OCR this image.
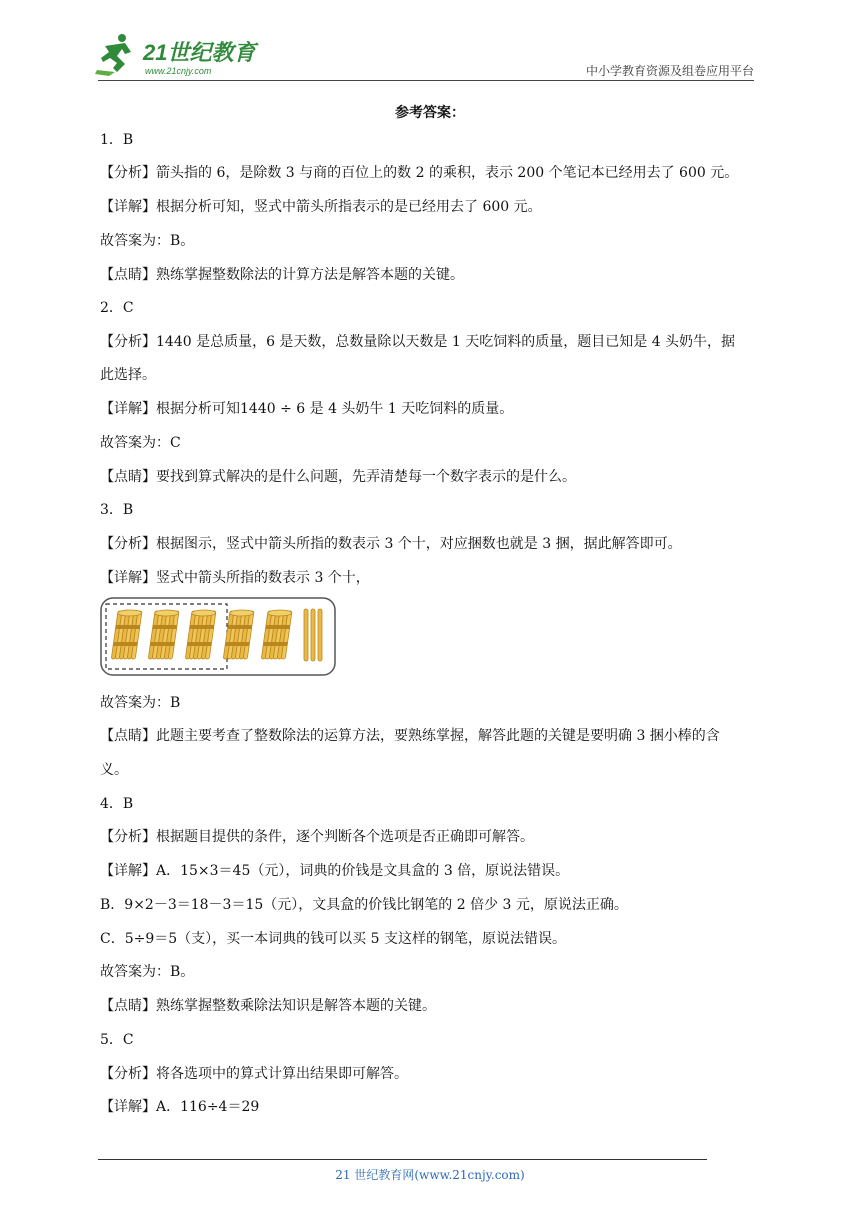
21世纪教育
www.21cnjy.com	中小学教育资源及组卷应用平台
参考答案：
1．B
【分析】箭头指的 6，是除数 3 与商的百位上的数 2 的乘积，表示 200 个笔记本已经用去了 600 元。
【详解】根据分析可知，竖式中箭头所指表示的是已经用去了 600 元。
故答案为：B。
【点睛】熟练掌握整数除法的计算方法是解答本题的关键。
2．C
【分析】1440 是总质量，6 是天数，总数量除以天数是 1 天吃饲料的质量，题目已知是 4 头奶牛，据
此选择。
【详解】根据分析可知1440 ÷ 6 是 4 头奶牛 1 天吃饲料的质量。
故答案为：C
【点睛】要找到算式解决的是什么问题，先弄清楚每一个数字表示的是什么。
3．B
【分析】根据图示，竖式中箭头所指的数表示 3 个十，对应捆数也就是 3 捆，据此解答即可。
【详解】竖式中箭头所指的数表示 3 个十，
故答案为：B
【点睛】此题主要考查了整数除法的运算方法，要熟练掌握，解答此题的关键是要明确 3 捆小棒的含
义。
4．B
【分析】根据题目提供的条件，逐个判断各个选项是否正确即可解答。
【详解】A．15×3＝45（元），词典的价钱是文具盒的 3 倍，原说法错误。
B．9×2－3＝18－3＝15（元），文具盒的价钱比钢笔的 2 倍少 3 元，原说法正确。
C．5÷9＝5（支），买一本词典的钱可以买 5 支这样的钢笔，原说法错误。
故答案为：B。
【点睛】熟练掌握整数乘除法知识是解答本题的关键。
5．C
【分析】将各选项中的算式计算出结果即可解答。
【详解】A．116÷4＝29
21 世纪教育网(www.21cnjy.com)
